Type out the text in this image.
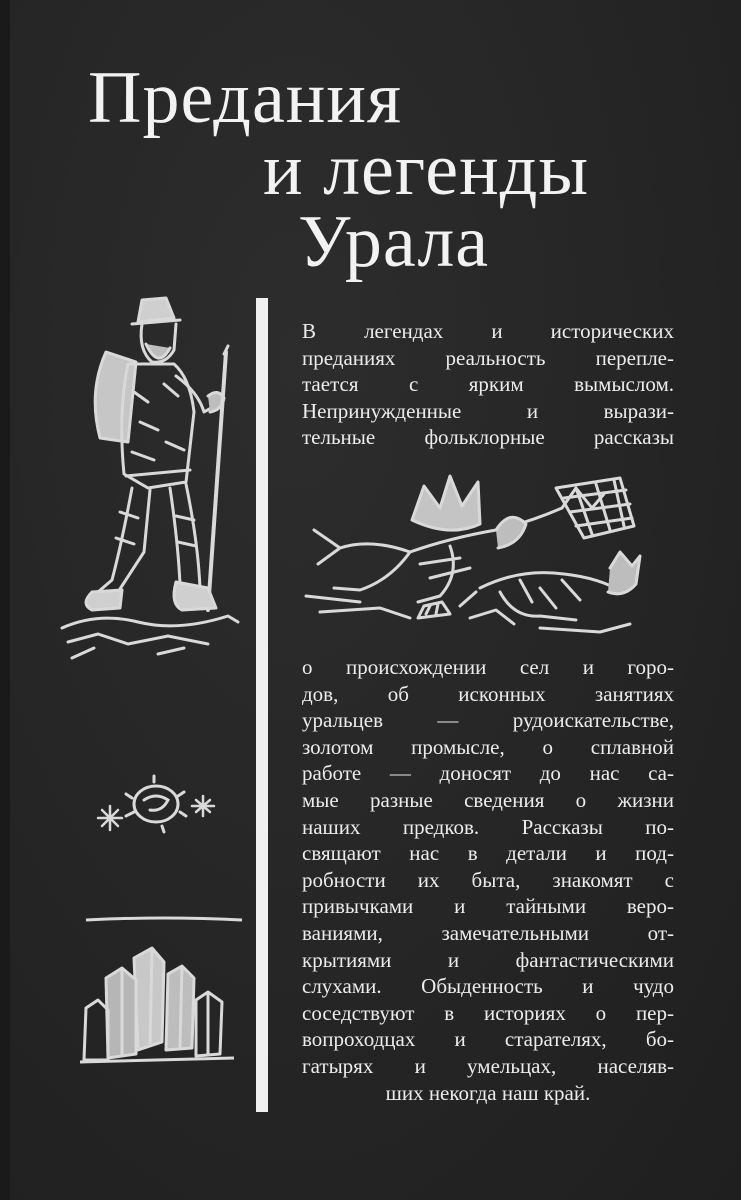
Предания
и легенды
Урала
В легендах и исторических
преданиях реальность перепле-
тается с ярким вымыслом.
Непринужденные и вырази-
тельные фольклорные рассказы
о происхождении сел и горо-
дов, об исконных занятиях
уральцев — рудоискательстве,
золотом промысле, о сплавной
работе — доносят до нас са-
мые разные сведения о жизни
наших предков. Рассказы по-
свящают нас в детали и под-
робности их быта, знакомят с
привычками и тайными веро-
ваниями, замечательными от-
крытиями и фантастическими
слухами. Обыденность и чудо
соседствуют в историях о пер-
вопроходцах и старателях, бо-
гатырях и умельцах, населяв-
ших некогда наш край.
